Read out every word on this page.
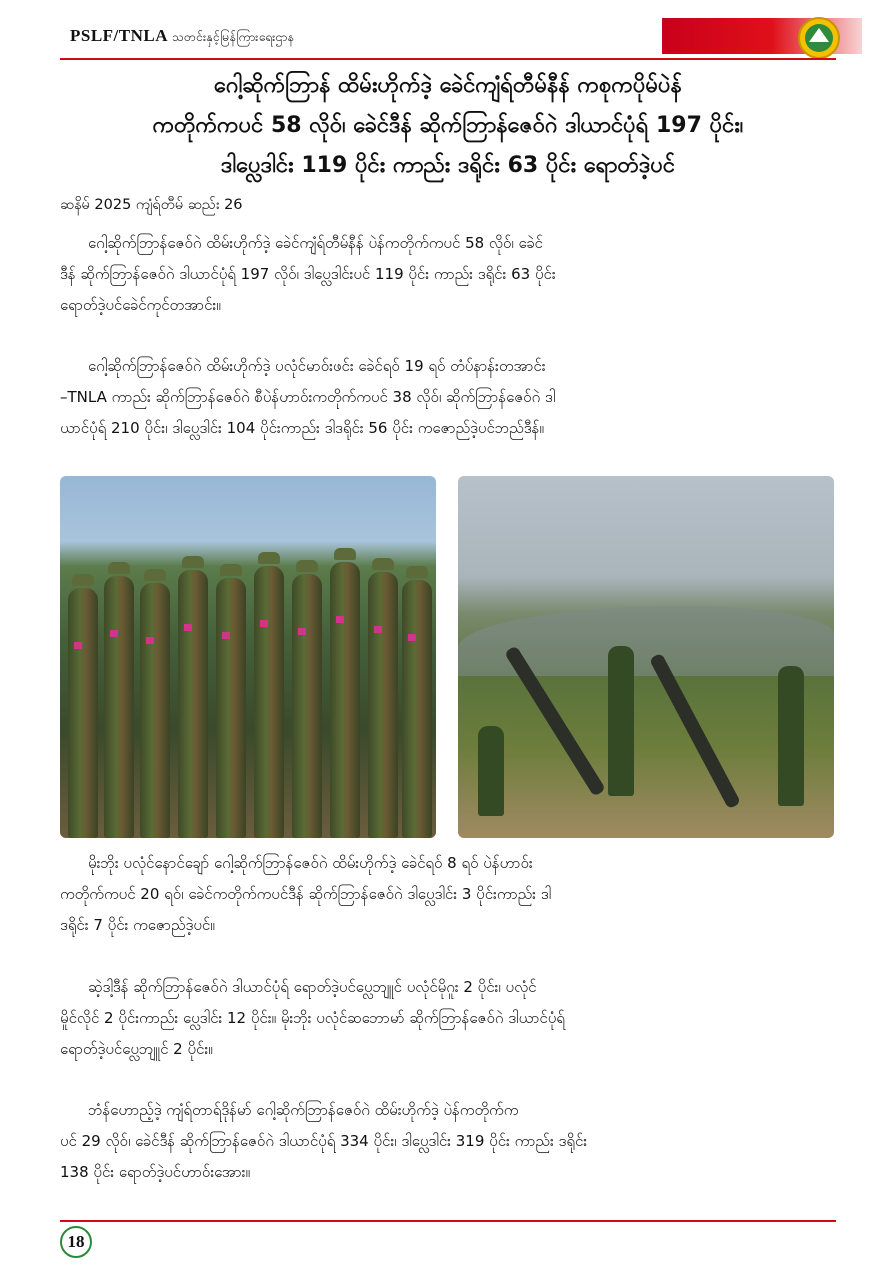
PSLF/TNLA သတင်းနှင့်မြန်ကြားရေးဌာန
ဂေါ့ဆိုက်ဘြာန် ထိမ်းဟိုက်ဒဲ့ ခေဲင်ကျံရ်တီမ်နီန် ကစုကပိုမ်ပဲန်
ကတိုက်ကပင် 58 လိုဝ်၊ ခေဲင်ဒီန် ဆိုက်ဘြာန်ဇေဝ်ဂဲ ဒါယာင်ပုံရ် 197 ပိုင်း၊
ဒါပ္လေဒါင်း 119 ပိုင်း ကာည်း ဒရိုင်း 63 ပိုင်း ရောတ်ဒဲ့ပင်
ဆနိမ် 2025 ကျံရ်တီမ် ဆည်း 26
ဂေါ့ဆိုက်ဘြာန်ဇေဝ်ဂဲ ထိမ်းဟိုက်ဒဲ့ ခေဲင်ကျံရ်တီမ်နီန် ပဲန်ကတိုက်ကပင် 58 လိုဝ်၊ ခေဲင်
ဒီန် ဆိုက်ဘြာန်ဇေဝ်ဂဲ ဒါယာင်ပုံရ် 197 လိုဝ်၊ ဒါပ္လေဒါင်းပင် 119 ပိုင်း ကာည်း ဒရိုင်း 63 ပိုင်း
ရောတ်ဒဲ့ပင်ခေဲင်ကုင်တအာင်း။
ဂေါ့ဆိုက်ဘြာန်ဇေဝ်ဂဲ ထိမ်းဟိုက်ဒဲ့ ပလုံင်မာဝ်းဖင်း ခေဲင်ရဝ် 19 ရဝ် တံပ်နာန်းတအာင်း
–TNLA ကာည်း ဆိုက်ဘြာန်ဇေဝ်ဂဲ စီပဲန်ဟာဝ်းကတိုက်ကပင် 38 လိုဝ်၊ ဆိုက်ဘြာန်ဇေဝ်ဂဲ ဒါ
ယာင်ပုံရ် 210 ပိုင်း၊ ဒါပ္လေဒါင်း 104 ပိုင်းကာည်း ဒါဒရိုင်း 56 ပိုင်း ကဇောည်ဒဲ့ပင်ဘည်ဒီန်။
မိုးဘိုး ပလုံင်နောင်ချော် ဂေါ့ဆိုက်ဘြာန်ဇေဝ်ဂဲ ထိမ်းဟိုက်ဒဲ့ ခေဲင်ရဝ် 8 ရဝ် ပဲန်ဟာဝ်း
ကတိုက်ကပင် 20 ရဝ်၊ ခေဲင်ကတိုက်ကပင်ဒီန် ဆိုက်ဘြာန်ဇေဝ်ဂဲ ဒါပ္လေဒါင်း 3 ပိုင်းကာည်း ဒါ
ဒရိုင်း 7 ပိုင်း ကဇောည်ဒဲ့ပင်။
ဆဲ့ဒါ့ဒီန် ဆိုက်ဘြာန်ဇေဝ်ဂဲ ဒါယာင်ပုံရ် ရောတ်ဒဲ့ပင်ပ္လေဘျူင် ပလုံင်မိုဂူး 2 ပိုင်း၊ ပလုံင်
မိူင်လိုင် 2 ပိုင်းကာည်း ပ္လေဒါင်း 12 ပိုင်း။ မိုးဘိုး ပလုံင်ဆဘောမာ် ဆိုက်ဘြာန်ဇေဝ်ဂဲ ဒါယာင်ပုံရ်
ရောတ်ဒဲ့ပင်ပ္လေဘျူင် 2 ပိုင်း။
ဘံန်ဟောည့်ဒဲ့ ကျံရ်တာရ်ဒိုန်မာ် ဂေါ့ဆိုက်ဘြာန်ဇေဝ်ဂဲ ထိမ်းဟိုက်ဒဲ့ ပဲန်ကတိုက်က
ပင် 29 လိုဝ်၊ ခေဲင်ဒီန် ဆိုက်ဘြာန်ဇေဝ်ဂဲ ဒါယာင်ပုံရ် 334 ပိုင်း၊ ဒါပ္လေဒါင်း 319 ပိုင်း ကာည်း ဒရိုင်း
138 ပိုင်း ရောတ်ဒဲ့ပင်ဟာဝ်းအေား။
18
